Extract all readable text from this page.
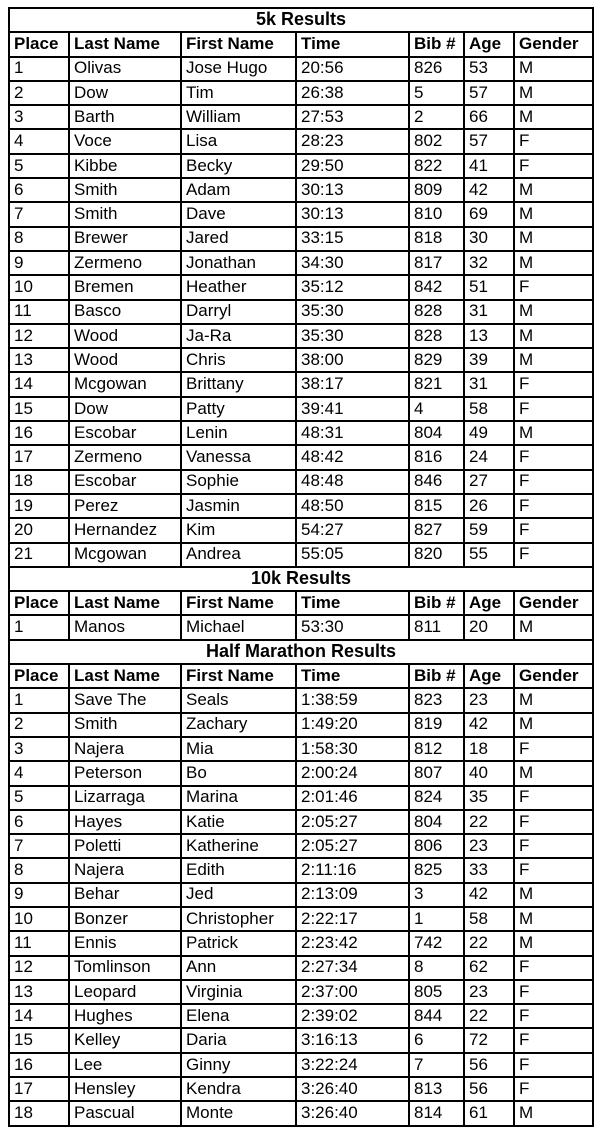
5k Results						
Place	Last Name	First Name	Time	Bib #	Age	Gender
1	Olivas	Jose Hugo	20:56	826	53	M
2	Dow	Tim	26:38	5	57	M
3	Barth	William	27:53	2	66	M
4	Voce	Lisa	28:23	802	57	F
5	Kibbe	Becky	29:50	822	41	F
6	Smith	Adam	30:13	809	42	M
7	Smith	Dave	30:13	810	69	M
8	Brewer	Jared	33:15	818	30	M
9	Zermeno	Jonathan	34:30	817	32	M
10	Bremen	Heather	35:12	842	51	F
11	Basco	Darryl	35:30	828	31	M
12	Wood	Ja-Ra	35:30	828	13	M
13	Wood	Chris	38:00	829	39	M
14	Mcgowan	Brittany	38:17	821	31	F
15	Dow	Patty	39:41	4	58	F
16	Escobar	Lenin	48:31	804	49	M
17	Zermeno	Vanessa	48:42	816	24	F
18	Escobar	Sophie	48:48	846	27	F
19	Perez	Jasmin	48:50	815	26	F
20	Hernandez	Kim	54:27	827	59	F
21	Mcgowan	Andrea	55:05	820	55	F
10k Results						
Place	Last Name	First Name	Time	Bib #	Age	Gender
1	Manos	Michael	53:30	811	20	M
Half Marathon Results						
Place	Last Name	First Name	Time	Bib #	Age	Gender
1	Save The	Seals	1:38:59	823	23	M
2	Smith	Zachary	1:49:20	819	42	M
3	Najera	Mia	1:58:30	812	18	F
4	Peterson	Bo	2:00:24	807	40	M
5	Lizarraga	Marina	2:01:46	824	35	F
6	Hayes	Katie	2:05:27	804	22	F
7	Poletti	Katherine	2:05:27	806	23	F
8	Najera	Edith	2:11:16	825	33	F
9	Behar	Jed	2:13:09	3	42	M
10	Bonzer	Christopher	2:22:17	1	58	M
11	Ennis	Patrick	2:23:42	742	22	M
12	Tomlinson	Ann	2:27:34	8	62	F
13	Leopard	Virginia	2:37:00	805	23	F
14	Hughes	Elena	2:39:02	844	22	F
15	Kelley	Daria	3:16:13	6	72	F
16	Lee	Ginny	3:22:24	7	56	F
17	Hensley	Kendra	3:26:40	813	56	F
18	Pascual	Monte	3:26:40	814	61	M
